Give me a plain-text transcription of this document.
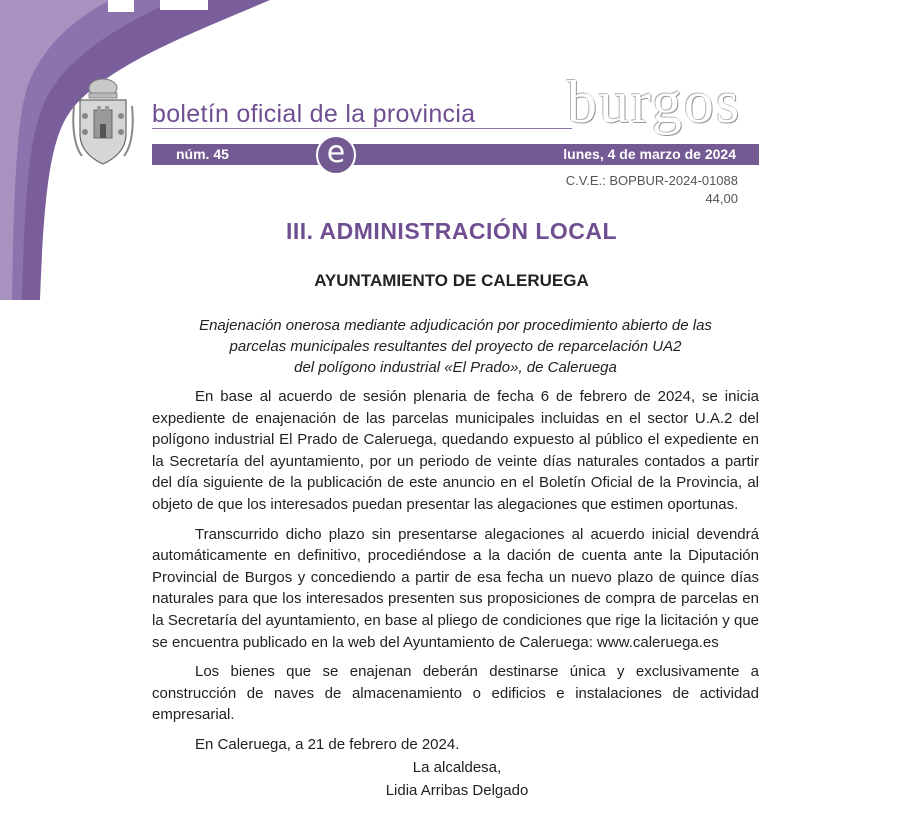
boletín oficial de la provincia burgos
núm. 45	lunes, 4 de marzo de 2024
e
C.V.E.: BOPBUR-2024-01088
44,00
III. ADMINISTRACIÓN LOCAL
AYUNTAMIENTO DE CALERUEGA
Enajenación onerosa mediante adjudicación por procedimiento abierto de las
parcelas municipales resultantes del proyecto de reparcelación UA2
del polígono industrial «El Prado», de Caleruega

En base al acuerdo de sesión plenaria de fecha 6 de febrero de 2024, se inicia expediente de enajenación de las parcelas municipales incluidas en el sector U.A.2 del polígono industrial El Prado de Caleruega, quedando expuesto al público el expediente en la Secretaría del ayuntamiento, por un periodo de veinte días naturales contados a partir del día siguiente de la publicación de este anuncio en el Boletín Oficial de la Provincia, al objeto de que los interesados puedan presentar las alegaciones que estimen oportunas.

Transcurrido dicho plazo sin presentarse alegaciones al acuerdo inicial devendrá automáticamente en definitivo, procediéndose a la dación de cuenta ante la Diputación Provincial de Burgos y concediendo a partir de esa fecha un nuevo plazo de quince días naturales para que los interesados presenten sus proposiciones de compra de parcelas en la Secretaría del ayuntamiento, en base al pliego de condiciones que rige la licitación y que se encuentra publicado en la web del Ayuntamiento de Caleruega: www.caleruega.es

Los bienes que se enajenan deberán destinarse única y exclusivamente a construcción de naves de almacenamiento o edificios e instalaciones de actividad empresarial.

En Caleruega, a 21 de febrero de 2024.

La alcaldesa,
Lidia Arribas Delgado
